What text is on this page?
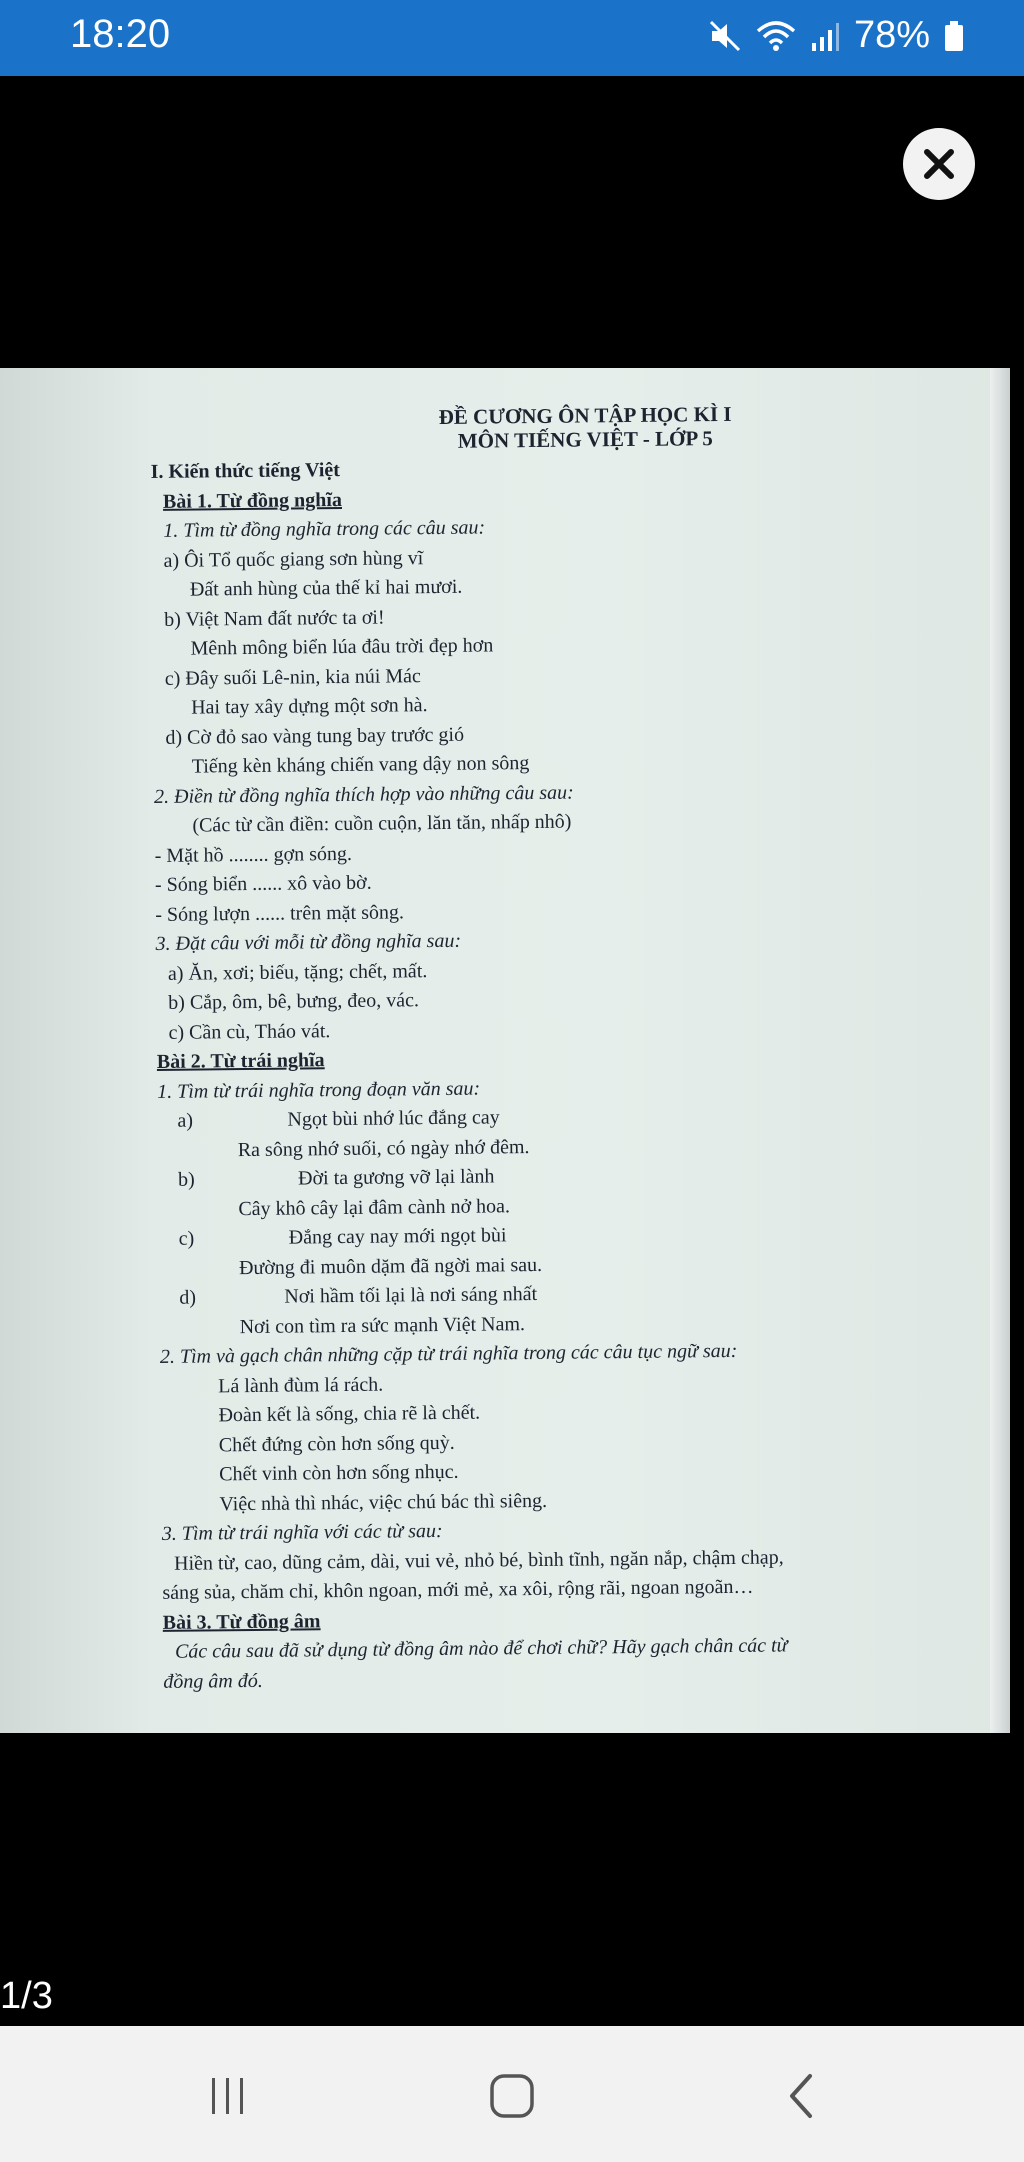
18:20	78%
ĐỀ CƯƠNG ÔN TẬP HỌC KÌ I
MÔN TIẾNG VIỆT - LỚP 5
I. Kiến thức tiếng Việt
Bài 1. Từ đồng nghĩa
1. Tìm từ đồng nghĩa trong các câu sau:
a) Ôi Tổ quốc giang sơn hùng vĩ
Đất anh hùng của thế kỉ hai mươi.
b) Việt Nam đất nước ta ơi!
Mênh mông biển lúa đâu trời đẹp hơn
c) Đây suối Lê-nin, kia núi Mác
Hai tay xây dựng một sơn hà.
d) Cờ đỏ sao vàng tung bay trước gió
Tiếng kèn kháng chiến vang dậy non sông
2. Điền từ đồng nghĩa thích hợp vào những câu sau:
(Các từ cần điền: cuồn cuộn, lăn tăn, nhấp nhô)
- Mặt hồ ........ gợn sóng.
- Sóng biển ...... xô vào bờ.
- Sóng lượn ...... trên mặt sông.
3. Đặt câu với mỗi từ đồng nghĩa sau:
a) Ăn, xơi; biếu, tặng; chết, mất.
b) Cắp, ôm, bê, bưng, đeo, vác.
c) Cần cù, Tháo vát.
Bài 2. Từ trái nghĩa
1. Tìm từ trái nghĩa trong đoạn văn sau:
a)	Ngọt bùi nhớ lúc đắng cay
Ra sông nhớ suối, có ngày nhớ đêm.
b)	Đời ta gương vỡ lại lành
Cây khô cây lại đâm cành nở hoa.
c)	Đắng cay nay mới ngọt bùi
Đường đi muôn dặm đã ngời mai sau.
d)	Nơi hầm tối lại là nơi sáng nhất
Nơi con tìm ra sức mạnh Việt Nam.
2. Tìm và gạch chân những cặp từ trái nghĩa trong các câu tục ngữ sau:
Lá lành đùm lá rách.
Đoàn kết là sống, chia rẽ là chết.
Chết đứng còn hơn sống quỳ.
Chết vinh còn hơn sống nhục.
Việc nhà thì nhác, việc chú bác thì siêng.
3. Tìm từ trái nghĩa với các từ sau:
Hiền từ, cao, dũng cảm, dài, vui vẻ, nhỏ bé, bình tĩnh, ngăn nắp, chậm chạp,
sáng sủa, chăm chỉ, khôn ngoan, mới mẻ, xa xôi, rộng rãi, ngoan ngoãn…
Bài 3. Từ đồng âm
Các câu sau đã sử dụng từ đồng âm nào để chơi chữ? Hãy gạch chân các từ
đồng âm đó.
1/3
